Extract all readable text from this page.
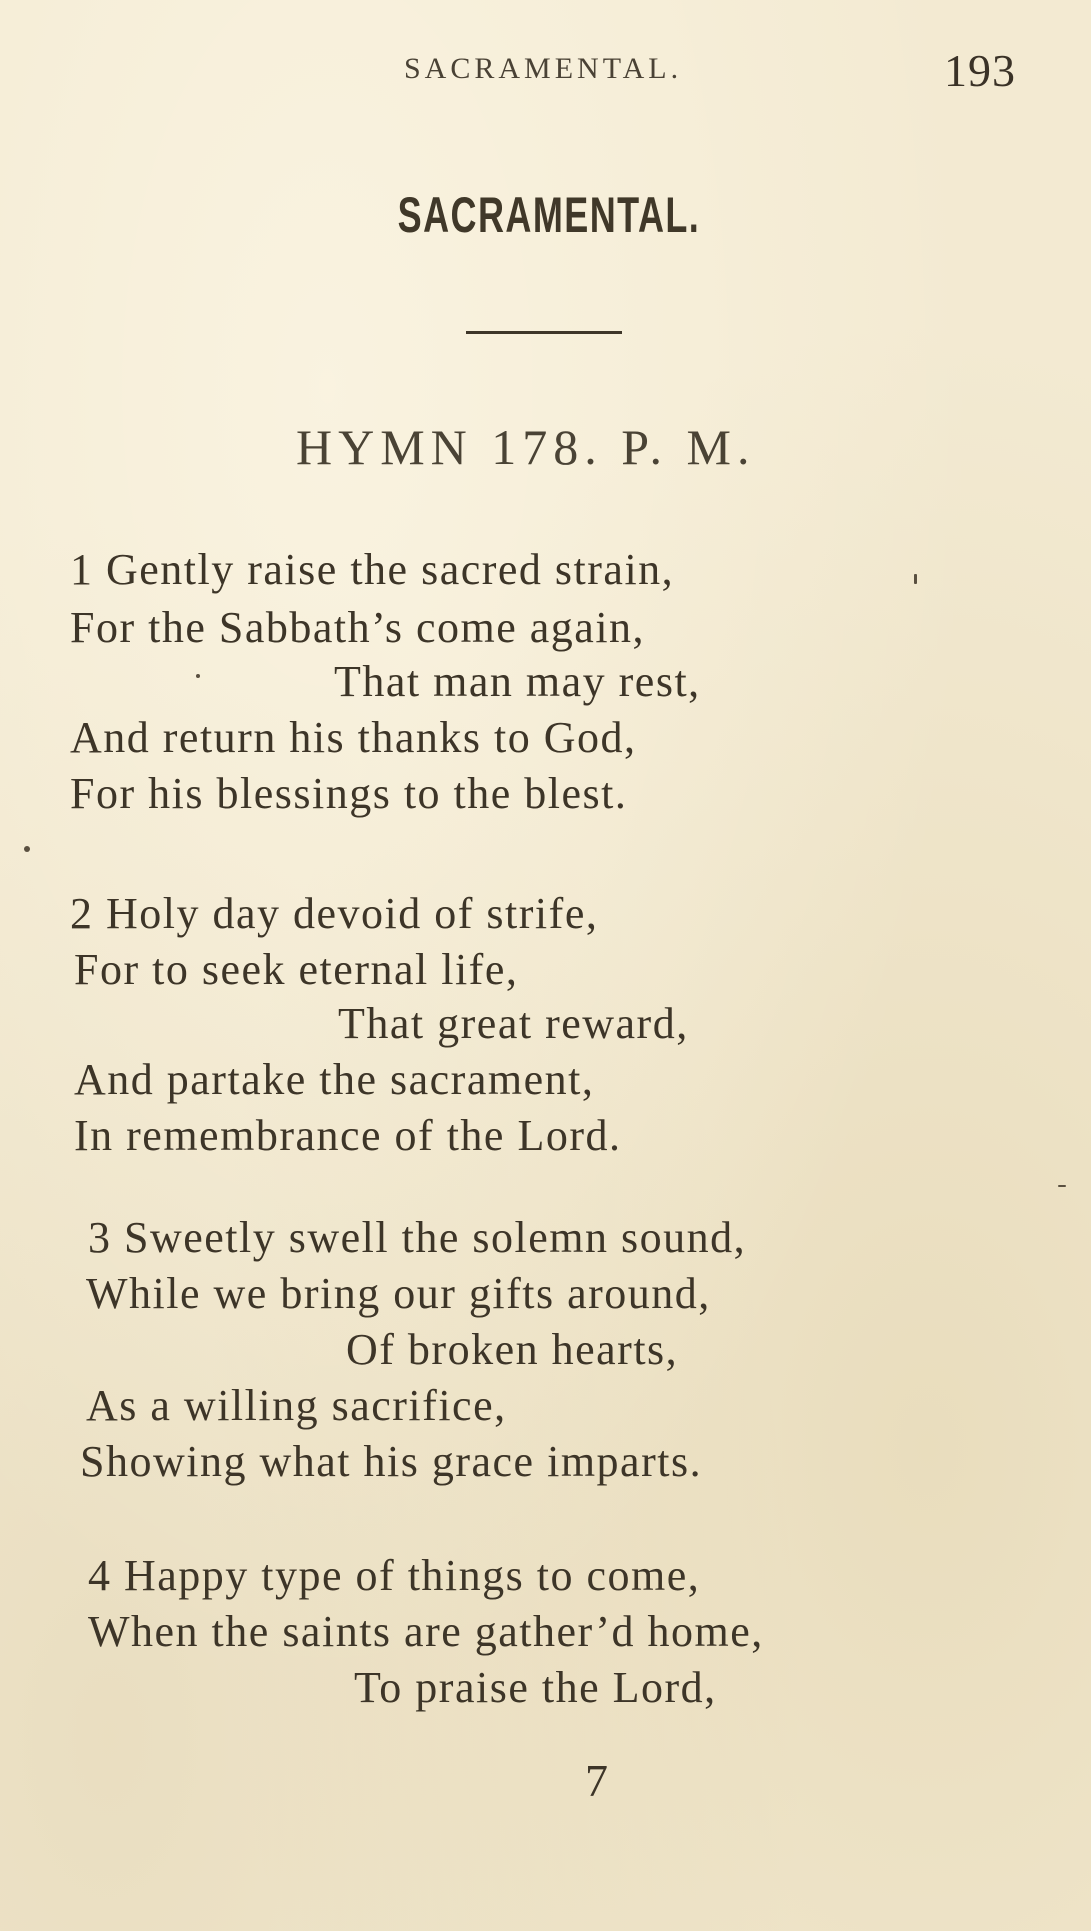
SACRAMENTAL.	193
SACRAMENTAL.
HYMN 178. P. M.
1 Gently raise the sacred strain,
For the Sabbath’s come again,
That man may rest,
And return his thanks to God,
For his blessings to the blest.
2 Holy day devoid of strife,
For to seek eternal life,
That great reward,
And partake the sacrament,
In remembrance of the Lord.
3 Sweetly swell the solemn sound,
While we bring our gifts around,
Of broken hearts,
As a willing sacrifice,
Showing what his grace imparts.
4 Happy type of things to come,
When the saints are gather’d home,
To praise the Lord,
7
